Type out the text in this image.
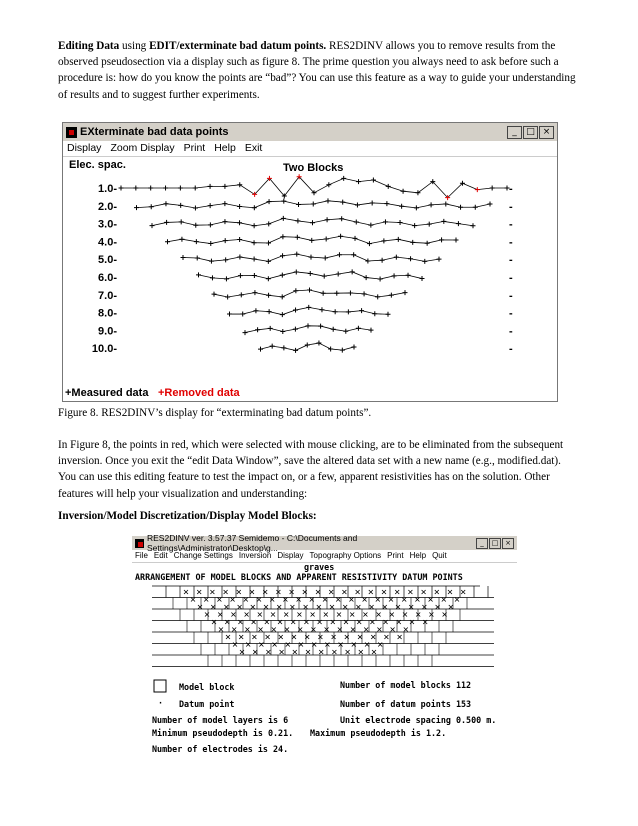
Editing Data using EDIT/exterminate bad datum points. RES2DINV allows you to remove results from the observed pseudosection via a display such as figure 8. The prime question you always need to ask before such a procedure is: how do you know the points are “bad”? You can use this feature as a way to guide your understanding of results and to suggest further experiments.
EXterminate bad data points	_	□ ×
Display Zoom Display Print Help Exit
Elec. spac.	Two Blocks
1.0-	-
2.0-	-
3.0-	-
4.0-	-
5.0-	-
6.0-	-
7.0-	-
8.0-	-
9.0-	-
10.0-	-
+Measured data +Removed data
Figure 8. RES2DINV’s display for “exterminating bad datum points”.
In Figure 8, the points in red, which were selected with mouse clicking, are to be eliminated from the subsequent inversion. Once you exit the “edit Data Window”, save the altered data set with a new name (e.g., modified.dat). You can use this editing feature to test the impact on, or a few, apparent resistivities has on the solution. Other features will help your visualization and understanding:
Inversion/Model Discretization/Display Model Blocks:
RES2DINV ver. 3.57.37 Semidemo - C:\Documents and Settings\Administrator\Desktop\g...
_	□ ×
File Edit Change Settings Inversion Display Topography Options Print Help Quit
graves
ARRANGEMENT OF MODEL BLOCKS AND APPARENT RESISTIVITY DATUM POINTS
Model block
· Datum point
Number of model blocks 112
Number of datum points 153
Number of model layers is 6	Unit electrode spacing 0.500 m.
Minimum pseudodepth is 0.21. Maximum pseudodepth is 1.2.
Number of electrodes is 24.
